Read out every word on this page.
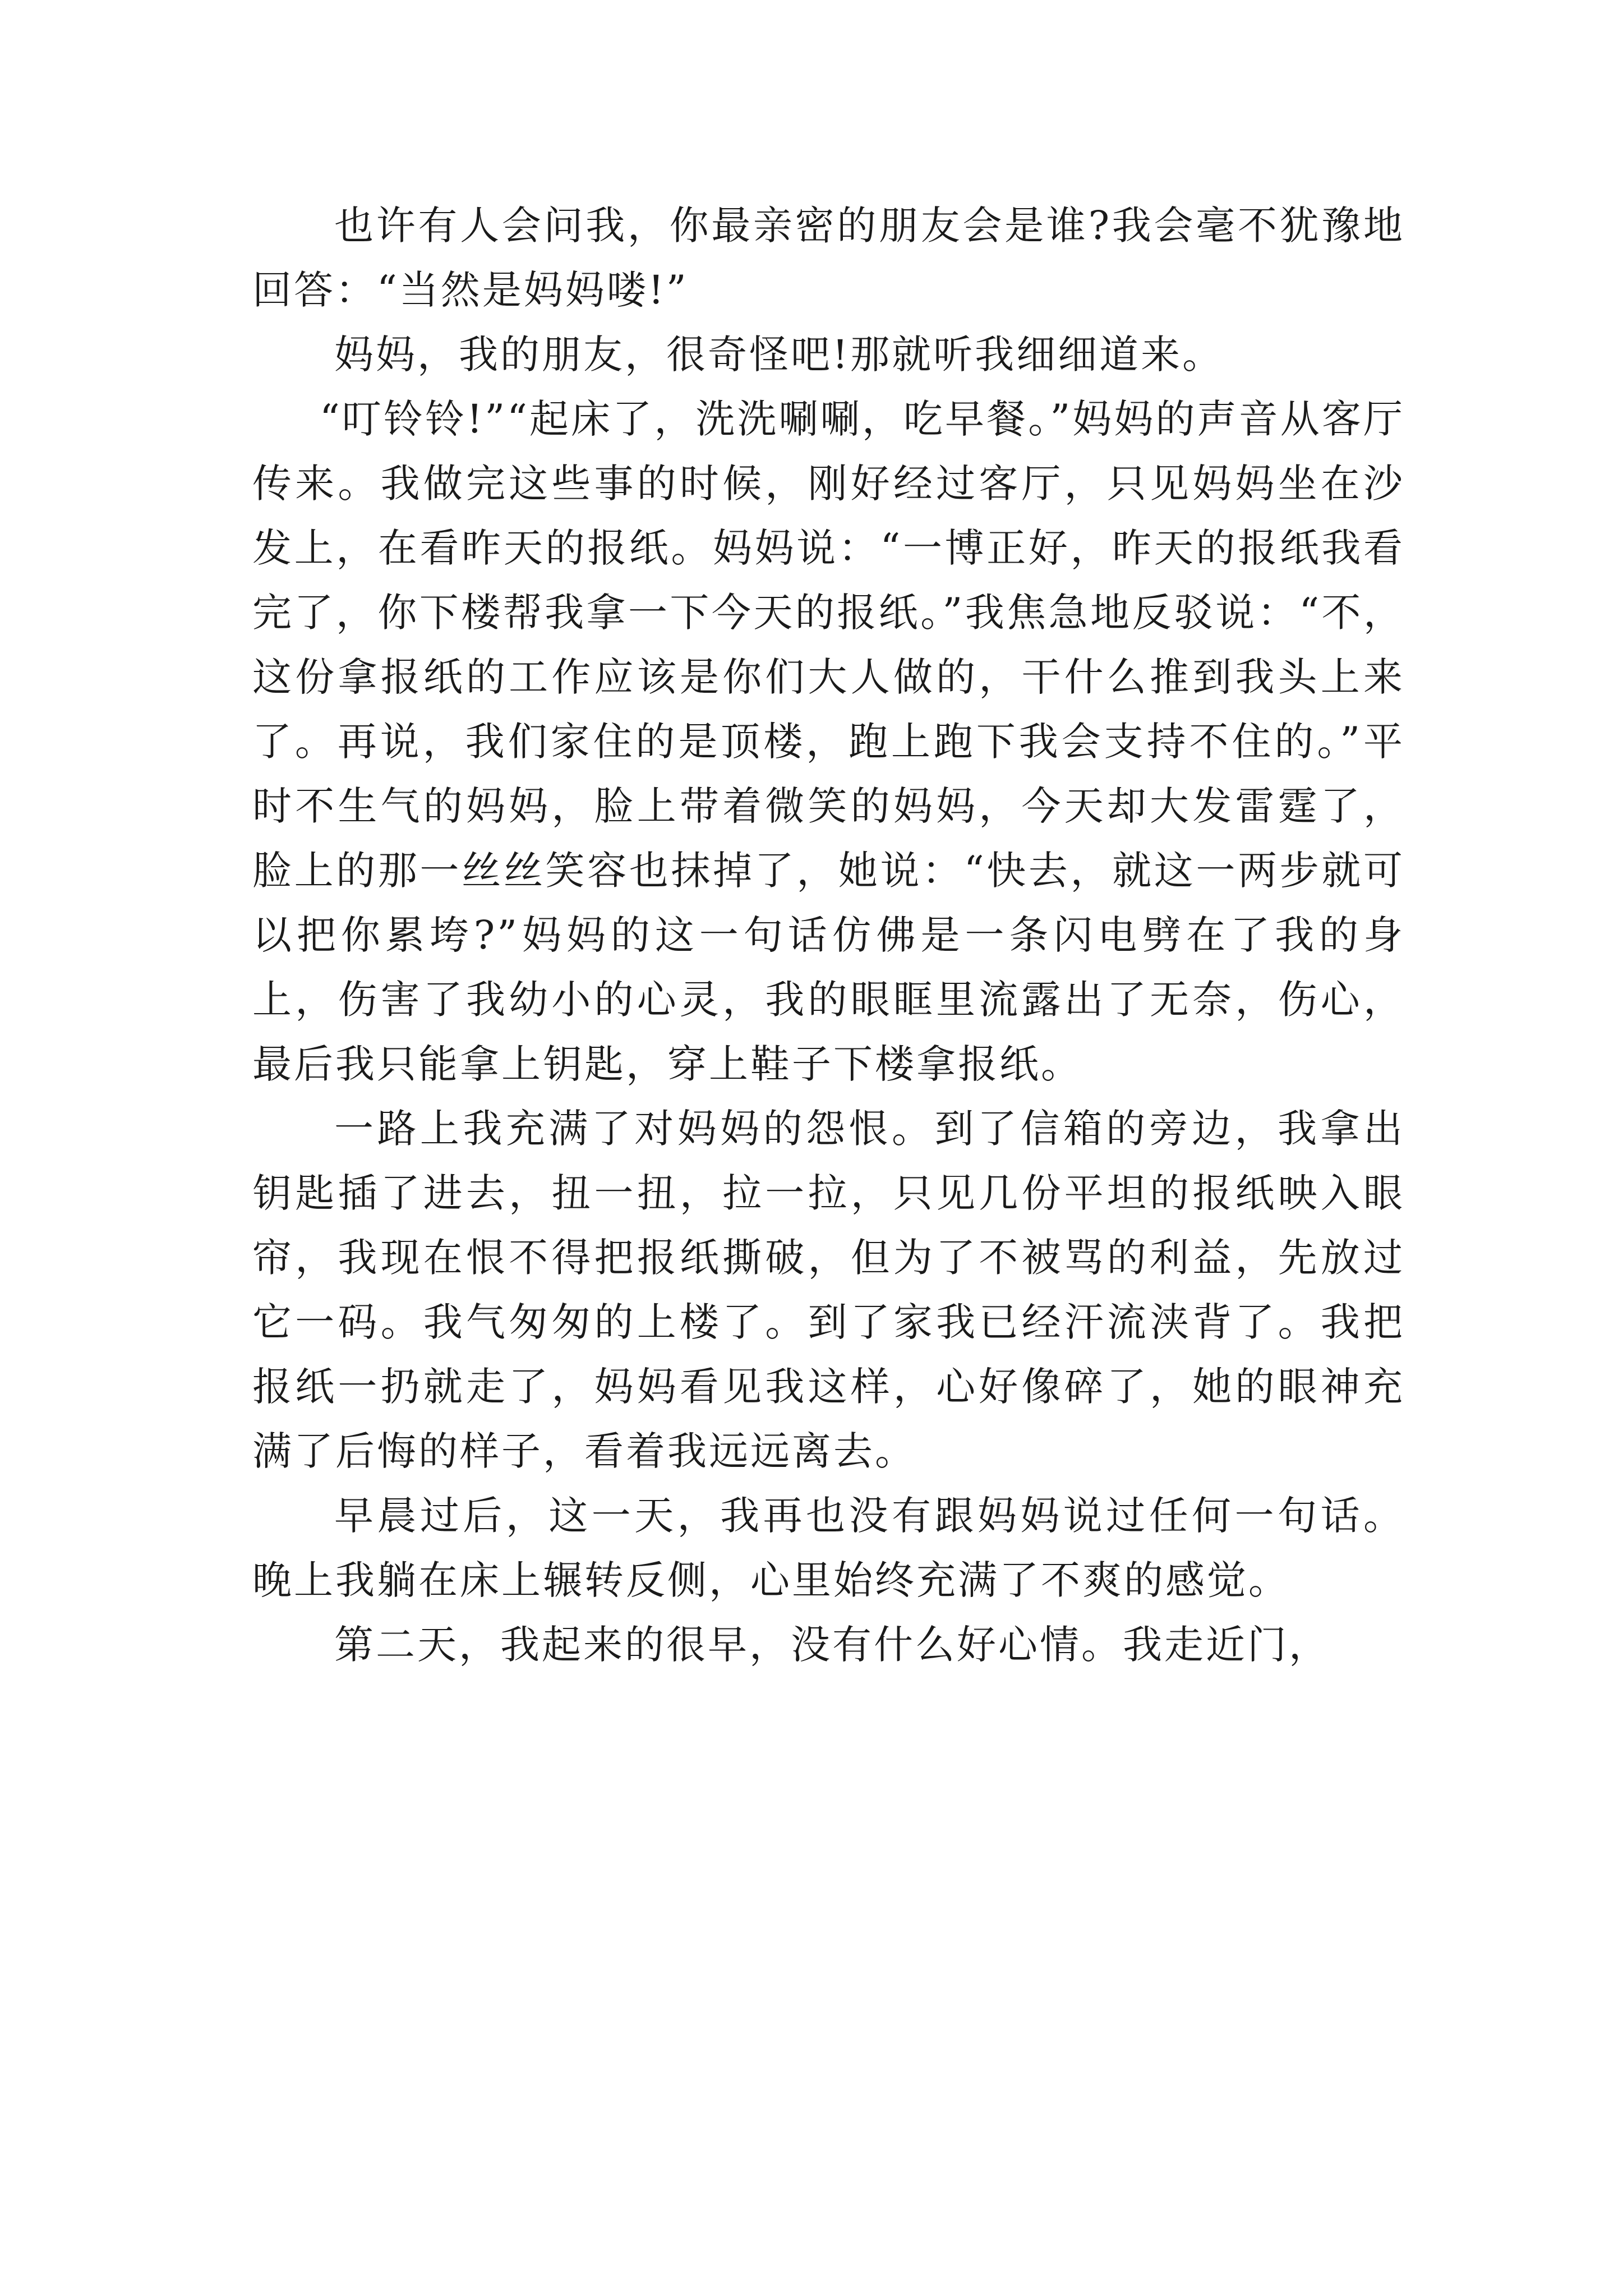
也许有人会问我，你最亲密的朋友会是谁?我会毫不犹豫地回答：“当然是妈妈喽!”

妈妈，我的朋友，很奇怪吧!那就听我细细道来。

“叮铃铃!”“起床了，洗洗唰唰，吃早餐。”妈妈的声音从客厅传来。我做完这些事的时候，刚好经过客厅，只见妈妈坐在沙发上，在看昨天的报纸。妈妈说：“一博正好，昨天的报纸我看完了，你下楼帮我拿一下今天的报纸。”我焦急地反驳说：“不，这份拿报纸的工作应该是你们大人做的，干什么推到我头上来了。再说，我们家住的是顶楼，跑上跑下我会支持不住的。”平时不生气的妈妈，脸上带着微笑的妈妈，今天却大发雷霆了，脸上的那一丝丝笑容也抹掉了，她说：“快去，就这一两步就可以把你累垮?”妈妈的这一句话仿佛是一条闪电劈在了我的身上，伤害了我幼小的心灵，我的眼眶里流露出了无奈，伤心，最后我只能拿上钥匙，穿上鞋子下楼拿报纸。

一路上我充满了对妈妈的怨恨。到了信箱的旁边，我拿出钥匙插了进去，扭一扭，拉一拉，只见几份平坦的报纸映入眼帘，我现在恨不得把报纸撕破，但为了不被骂的利益，先放过它一码。我气匆匆的上楼了。到了家我已经汗流浃背了。我把报纸一扔就走了，妈妈看见我这样，心好像碎了，她的眼神充满了后悔的样子，看着我远远离去。

早晨过后，这一天，我再也没有跟妈妈说过任何一句话。晚上我躺在床上辗转反侧，心里始终充满了不爽的感觉。

第二天，我起来的很早，没有什么好心情。我走近门，
